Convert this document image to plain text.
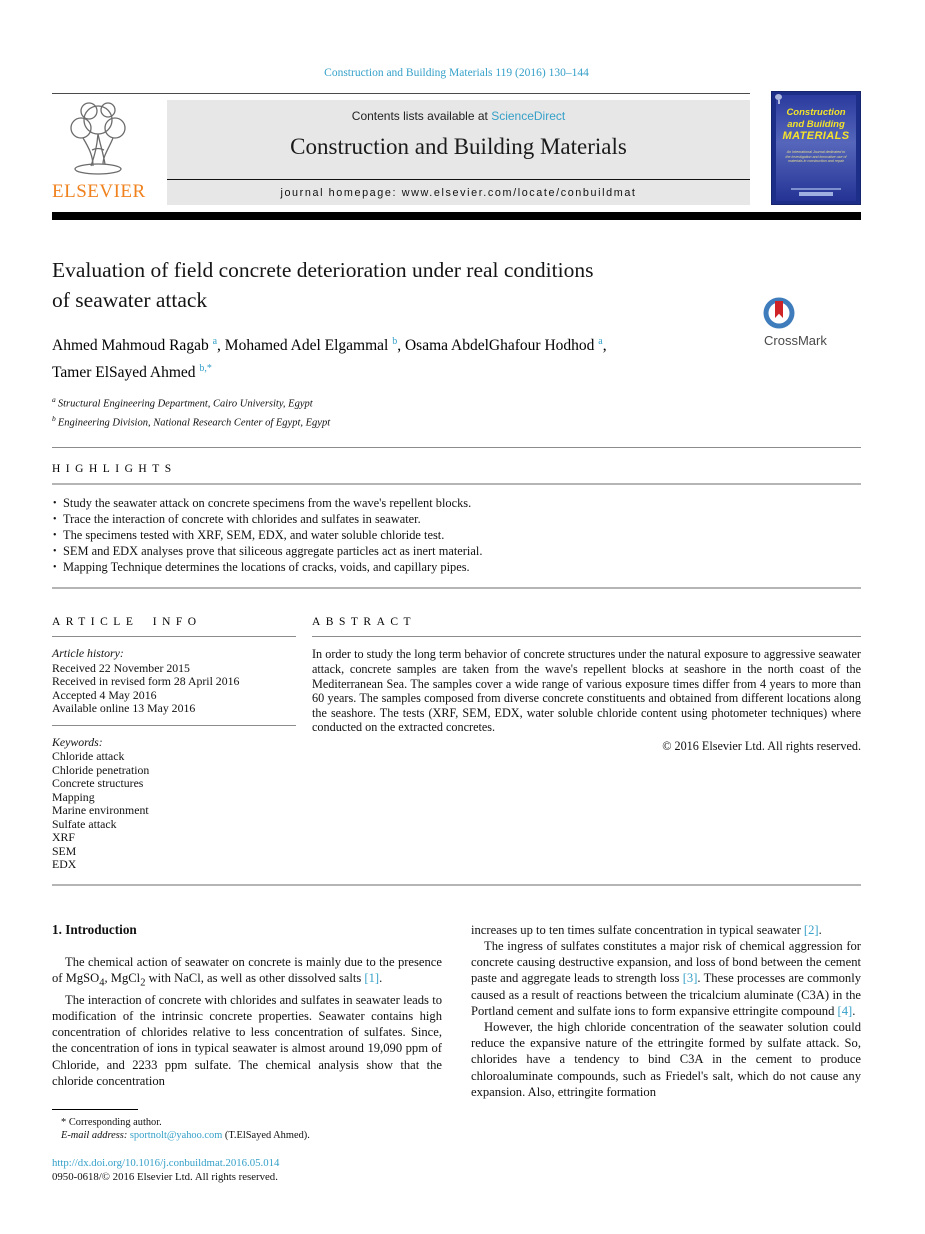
Construction and Building Materials 119 (2016) 130–144
ELSEVIER
Contents lists available at ScienceDirect
Construction and Building Materials
journal homepage: www.elsevier.com/locate/conbuildmat
Construction
and Building
MATERIALS
An International Journal dedicated to the investigation and innovative use of materials in construction and repair
Evaluation of field concrete deterioration under real conditions
of seawater attack
CrossMark
Ahmed Mahmoud Ragab $^a$, Mohamed Adel Elgammal $^b$, Osama AbdelGhafour Hodhod $^a$,
Tamer ElSayed Ahmed $^{b,*}$
$^a$  Structural Engineering Department, Cairo University, Egypt
$^b$  Engineering Division, National Research Center of Egypt, Egypt
HIGHLIGHTS
• Study the seawater attack on concrete specimens from the wave's repellent blocks.
• Trace the interaction of concrete with chlorides and sulfates in seawater.
• The specimens tested with XRF, SEM, EDX, and water soluble chloride test.
• SEM and EDX analyses prove that siliceous aggregate particles act as inert material.
• Mapping Technique determines the locations of cracks, voids, and capillary pipes.
ARTICLE INFO
Article history:
Received 22 November 2015
Received in revised form 28 April 2016
Accepted 4 May 2016
Available online 13 May 2016
Keywords:
Chloride attack
Chloride penetration
Concrete structures
Mapping
Marine environment
Sulfate attack
XRF
SEM
EDX
ABSTRACT
In order to study the long term behavior of concrete structures under the natural exposure to aggressive seawater attack, concrete samples are taken from the wave's repellent blocks at seashore in the north coast of the Mediterranean Sea. The samples cover a wide range of various exposure times differ from 4 years to more than 60 years. The samples composed from diverse concrete constituents and obtained from different locations along the seashore. The tests (XRF, SEM, EDX, water soluble chloride content using photometer techniques) where conducted on the extracted concretes.
© 2016 Elsevier Ltd. All rights reserved.
1. Introduction

The chemical action of seawater on concrete is mainly due to the presence of MgSO$_4$, MgCl$_2$ with NaCl, as well as other dissolved salts [1].

The interaction of concrete with chlorides and sulfates in seawater leads to modification of the intrinsic concrete properties. Seawater contains high concentration of chlorides relative to less concentration of sulfates. Since, the concentration of ions in typical seawater is almost around 19,090 ppm of Chloride, and 2233 ppm sulfate. The chemical analysis show that the chloride concentration

* Corresponding author.
E-mail address: sportnolt@yahoo.com (T.ElSayed Ahmed).
http://dx.doi.org/10.1016/j.conbuildmat.2016.05.014
0950-0618/© 2016 Elsevier Ltd. All rights reserved.

increases up to ten times sulfate concentration in typical seawater [2].

The ingress of sulfates constitutes a major risk of chemical aggression for concrete causing destructive expansion, and loss of bond between the cement paste and aggregate leads to strength loss [3]. These processes are commonly caused as a result of reactions between the tricalcium aluminate (C3A) in the Portland cement and sulfate ions to form expansive ettringite compound [4].

However, the high chloride concentration of the seawater solution could reduce the expansive nature of the ettringite formed by sulfate attack. So, chlorides have a tendency to bind C3A in the cement to produce chloroaluminate compounds, such as Friedel's salt, which do not cause any expansion. Also, ettringite formation
